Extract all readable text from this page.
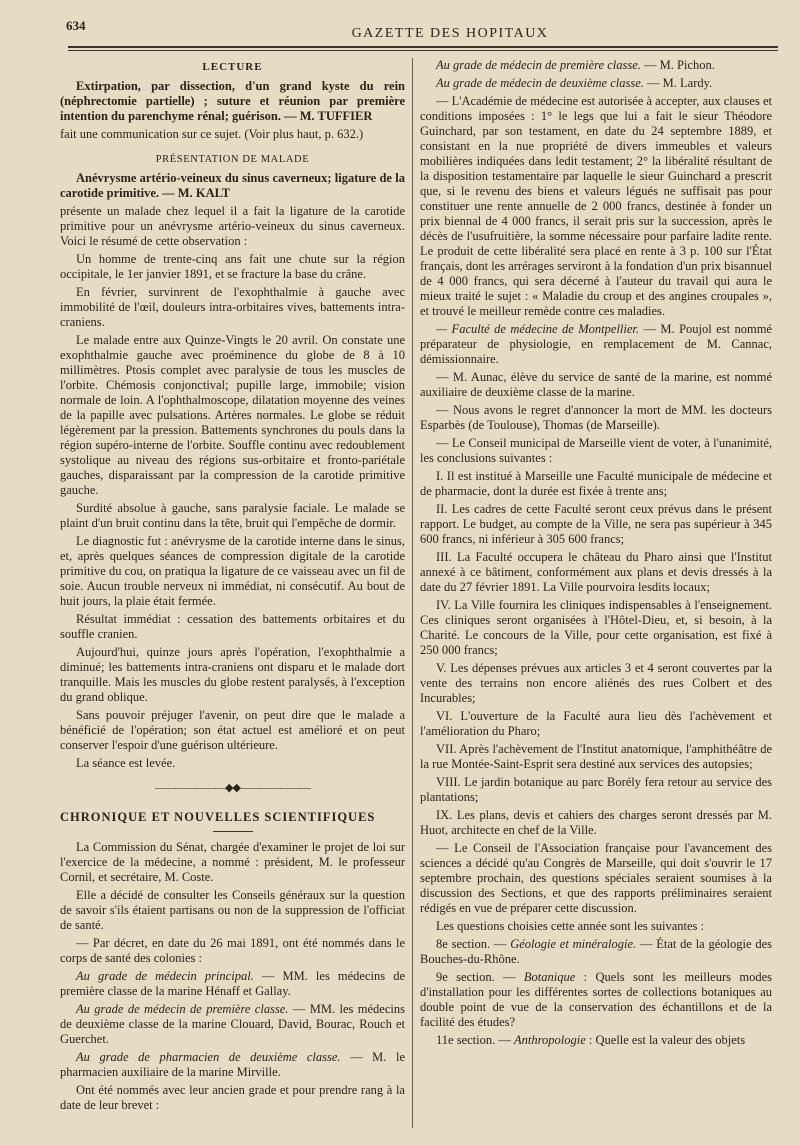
634
GAZETTE DES HOPITAUX
LECTURE

Extirpation, par dissection, d'un grand kyste du rein (néphrectomie partielle) ; suture et réunion par première intention du parenchyme rénal; guérison. — M. TUFFIER

fait une communication sur ce sujet. (Voir plus haut, p. 632.)

PRÉSENTATION DE MALADE

Anévrysme artério-veineux du sinus caverneux; ligature de la carotide primitive. — M. KALT

présente un malade chez lequel il a fait la ligature de la carotide primitive pour un anévrysme artério-veineux du sinus caverneux. Voici le résumé de cette observation :

Un homme de trente-cinq ans fait une chute sur la région occipitale, le 1er janvier 1891, et se fracture la base du crâne.

En février, survinrent de l'exophthalmie à gauche avec immobilité de l'œil, douleurs intra-orbitaires vives, battements intra-craniens.

Le malade entre aux Quinze-Vingts le 20 avril. On constate une exophthalmie gauche avec proéminence du globe de 8 à 10 millimètres. Ptosis complet avec paralysie de tous les muscles de l'orbite. Chémosis conjonctival; pupille large, immobile; vision normale de loin. A l'ophthalmoscope, dilatation moyenne des veines de la papille avec pulsations. Artères normales. Le globe se réduit légèrement par la pression. Battements synchrones du pouls dans la région supéro-interne de l'orbite. Souffle continu avec redoublement systolique au niveau des régions sus-orbitaire et fronto-pariétale gauches, disparaissant par la compression de la carotide primitive gauche.

Surdité absolue à gauche, sans paralysie faciale. Le malade se plaint d'un bruit continu dans la tête, bruit qui l'empêche de dormir.

Le diagnostic fut : anévrysme de la carotide interne dans le sinus, et, après quelques séances de compression digitale de la carotide primitive du cou, on pratiqua la ligature de ce vaisseau avec un fil de soie. Aucun trouble nerveux ni immédiat, ni consécutif. Au bout de huit jours, la plaie était fermée.

Résultat immédiat : cessation des battements orbitaires et du souffle cranien.

Aujourd'hui, quinze jours après l'opération, l'exophthalmie a diminué; les battements intra-craniens ont disparu et le malade dort tranquille. Mais les muscles du globe restent paralysés, à l'exception du grand oblique.

Sans pouvoir préjuger l'avenir, on peut dire que le malade a bénéficié de l'opération; son état actuel est amélioré et on peut conserver l'espoir d'une guérison ultérieure.

La séance est levée.

———————◆◆———————
CHRONIQUE ET NOUVELLES SCIENTIFIQUES

La Commission du Sénat, chargée d'examiner le projet de loi sur l'exercice de la médecine, a nommé : président, M. le professeur Cornil, et secrétaire, M. Coste.

Elle a décidé de consulter les Conseils généraux sur la question de savoir s'ils étaient partisans ou non de la suppression de l'officiat de santé.

— Par décret, en date du 26 mai 1891, ont été nommés dans le corps de santé des colonies :

Au grade de médecin principal. — MM. les médecins de première classe de la marine Hénaff et Gallay.

Au grade de médecin de première classe. — MM. les médecins de deuxième classe de la marine Clouard, David, Bourac, Rouch et Guerchet.

Au grade de pharmacien de deuxième classe. — M. le pharmacien auxiliaire de la marine Mirville.

Ont été nommés avec leur ancien grade et pour prendre rang à la date de leur brevet :

Au grade de médecin de première classe. — M. Pichon.

Au grade de médecin de deuxième classe. — M. Lardy.

— L'Académie de médecine est autorisée à accepter, aux clauses et conditions imposées : 1° le legs que lui a fait le sieur Théodore Guinchard, par son testament, en date du 24 septembre 1889, et consistant en la nue propriété de divers immeubles et valeurs mobilières indiquées dans ledit testament; 2° la libéralité résultant de la disposition testamentaire par laquelle le sieur Guinchard a prescrit que, si le revenu des biens et valeurs légués ne suffisait pas pour constituer une rente annuelle de 2 000 francs, destinée à fonder un prix biennal de 4 000 francs, il serait pris sur la succession, après le décès de l'usufruitière, la somme nécessaire pour parfaire ladite rente. Le produit de cette libéralité sera placé en rente à 3 p. 100 sur l'État français, dont les arrérages serviront à la fondation d'un prix bisannuel de 4 000 francs, qui sera décerné à l'auteur du travail qui aura le mieux traité le sujet : « Maladie du croup et des angines croupales », et trouvé le meilleur remède contre ces maladies.

— Faculté de médecine de Montpellier. — M. Poujol est nommé préparateur de physiologie, en remplacement de M. Cannac, démissionnaire.

— M. Aunac, élève du service de santé de la marine, est nommé auxiliaire de deuxième classe de la marine.

— Nous avons le regret d'annoncer la mort de MM. les docteurs Esparbès (de Toulouse), Thomas (de Marseille).

— Le Conseil municipal de Marseille vient de voter, à l'unanimité, les conclusions suivantes :

I. Il est institué à Marseille une Faculté municipale de médecine et de pharmacie, dont la durée est fixée à trente ans;

II. Les cadres de cette Faculté seront ceux prévus dans le présent rapport. Le budget, au compte de la Ville, ne sera pas supérieur à 345 600 francs, ni inférieur à 305 600 francs;

III. La Faculté occupera le château du Pharo ainsi que l'Institut annexé à ce bâtiment, conformément aux plans et devis dressés à la date du 27 février 1891. La Ville pourvoira lesdits locaux;

IV. La Ville fournira les cliniques indispensables à l'enseignement. Ces cliniques seront organisées à l'Hôtel-Dieu, et, si besoin, à la Charité. Le concours de la Ville, pour cette organisation, est fixé à 250 000 francs;

V. Les dépenses prévues aux articles 3 et 4 seront couvertes par la vente des terrains non encore aliénés des rues Colbert et des Incurables;

VI. L'ouverture de la Faculté aura lieu dès l'achèvement et l'amélioration du Pharo;

VII. Après l'achèvement de l'Institut anatomique, l'amphithéâtre de la rue Montée-Saint-Esprit sera destiné aux services des autopsies;

VIII. Le jardin botanique au parc Borély fera retour au service des plantations;

IX. Les plans, devis et cahiers des charges seront dressés par M. Huot, architecte en chef de la Ville.

— Le Conseil de l'Association française pour l'avancement des sciences a décidé qu'au Congrès de Marseille, qui doit s'ouvrir le 17 septembre prochain, des questions spéciales seraient soumises à la discussion des Sections, et que des rapports préliminaires seraient rédigés en vue de préparer cette discussion.

Les questions choisies cette année sont les suivantes :

8e section. — Géologie et minéralogie. — État de la géologie des Bouches-du-Rhône.

9e section. — Botanique : Quels sont les meilleurs modes d'installation pour les différentes sortes de collections botaniques au double point de vue de la conservation des échantillons et de la facilité des études?

11e section. — Anthropologie : Quelle est la valeur des objets
